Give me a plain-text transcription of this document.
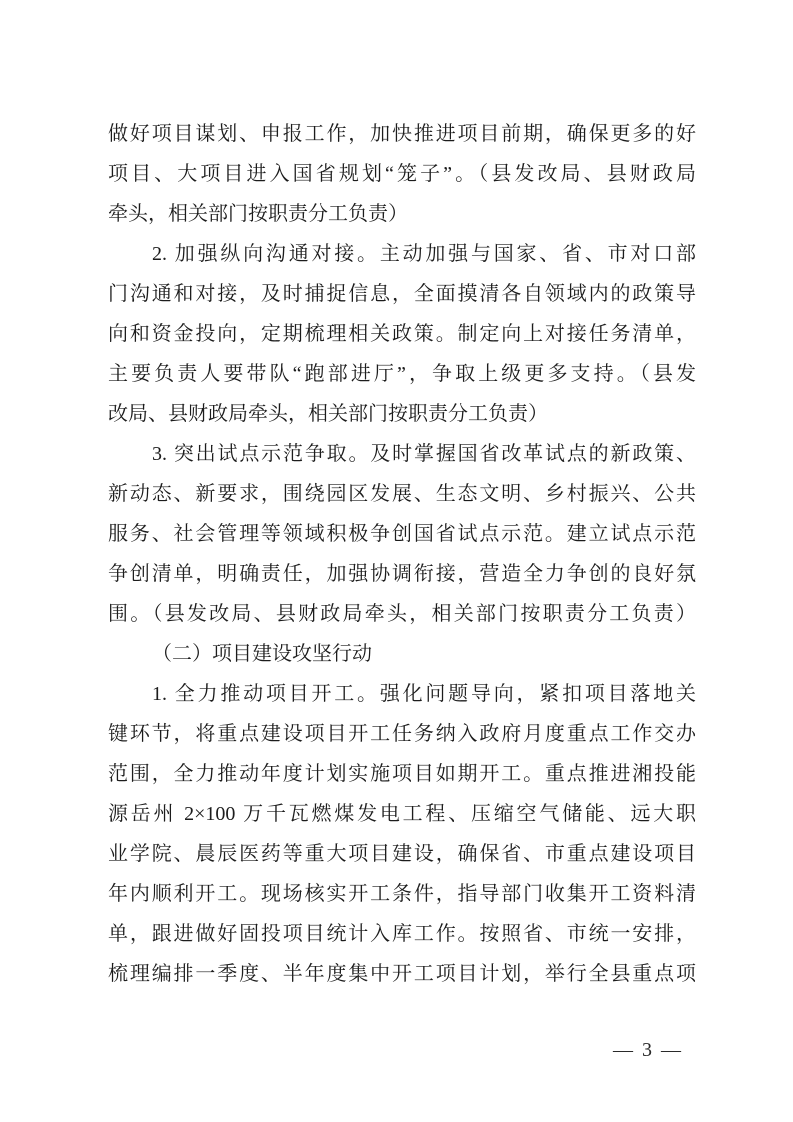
做好项目谋划、申报工作，加快推进项目前期，确保更多的好
项目、大项目进入国省规划“笼子”。（县发改局、县财政局
牵头，相关部门按职责分工负责）
2. 加强纵向沟通对接。主动加强与国家、省、市对口部
门沟通和对接，及时捕捉信息，全面摸清各自领域内的政策导
向和资金投向，定期梳理相关政策。制定向上对接任务清单，
主要负责人要带队“跑部进厅”，争取上级更多支持。（县发
改局、县财政局牵头，相关部门按职责分工负责）
3. 突出试点示范争取。及时掌握国省改革试点的新政策、
新动态、新要求，围绕园区发展、生态文明、乡村振兴、公共
服务、社会管理等领域积极争创国省试点示范。建立试点示范
争创清单，明确责任，加强协调衔接，营造全力争创的良好氛
围。（县发改局、县财政局牵头，相关部门按职责分工负责）
（二）项目建设攻坚行动
1. 全力推动项目开工。强化问题导向，紧扣项目落地关
键环节，将重点建设项目开工任务纳入政府月度重点工作交办
范围，全力推动年度计划实施项目如期开工。重点推进湘投能
源岳州 2×100 万千瓦燃煤发电工程、压缩空气储能、远大职
业学院、晨辰医药等重大项目建设，确保省、市重点建设项目
年内顺利开工。现场核实开工条件，指导部门收集开工资料清
单，跟进做好固投项目统计入库工作。按照省、市统一安排，
梳理编排一季度、半年度集中开工项目计划，举行全县重点项
— 3 —
